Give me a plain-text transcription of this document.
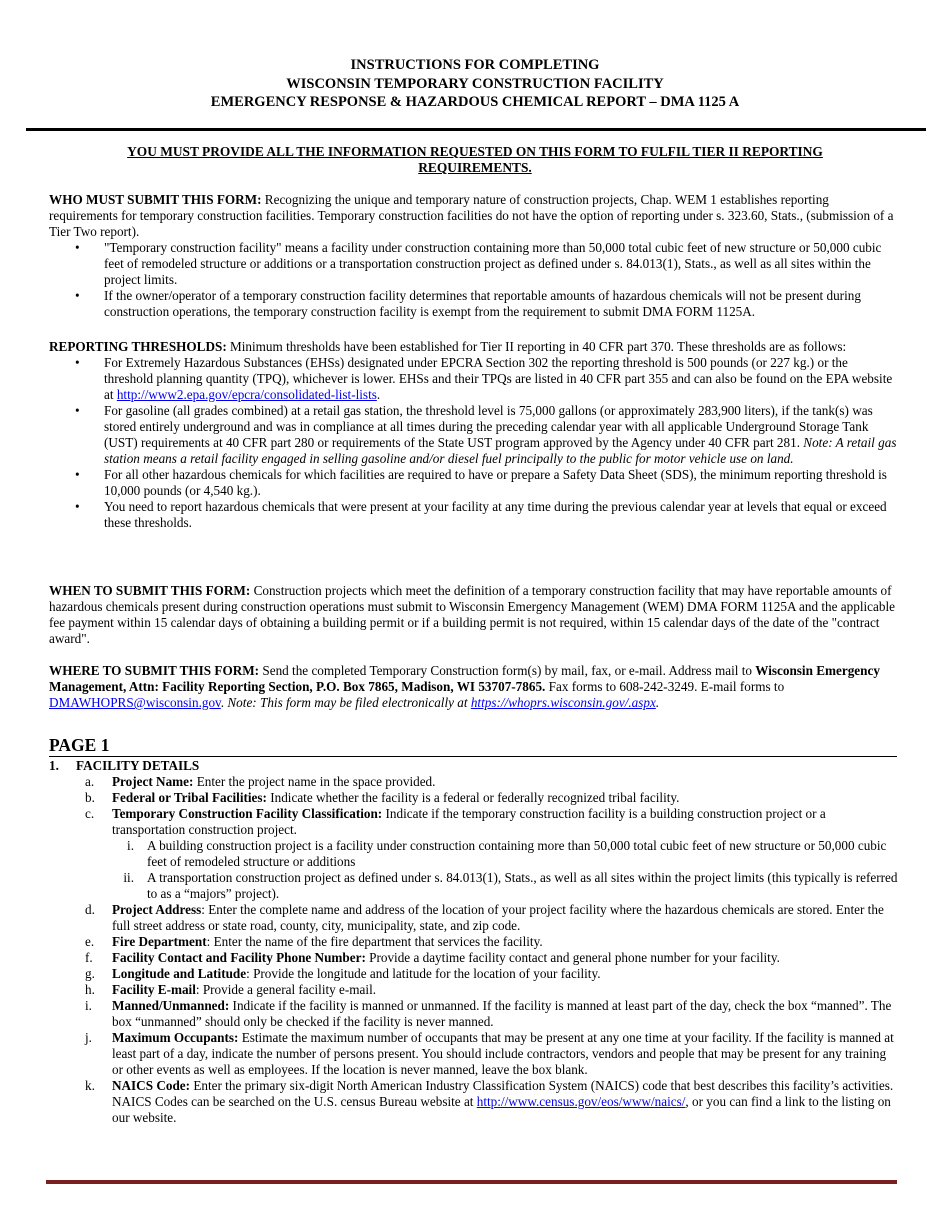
INSTRUCTIONS FOR COMPLETING
WISCONSIN TEMPORARY CONSTRUCTION FACILITY
EMERGENCY RESPONSE & HAZARDOUS CHEMICAL REPORT – DMA 1125 A
YOU MUST PROVIDE ALL THE INFORMATION REQUESTED ON THIS FORM TO FULFIL TIER II REPORTING REQUIREMENTS.

WHO MUST SUBMIT THIS FORM: Recognizing the unique and temporary nature of construction projects, Chap. WEM 1 establishes reporting requirements for temporary construction facilities. Temporary construction facilities do not have the option of reporting under s. 323.60, Stats., (submission of a Tier Two report).

• "Temporary construction facility" means a facility under construction containing more than 50,000 total cubic feet of new structure or 50,000 cubic feet of remodeled structure or additions or a transportation construction project as defined under s. 84.013(1), Stats., as well as all sites within the project limits.
• If the owner/operator of a temporary construction facility determines that reportable amounts of hazardous chemicals will not be present during construction operations, the temporary construction facility is exempt from the requirement to submit DMA FORM 1125A.

REPORTING THRESHOLDS: Minimum thresholds have been established for Tier II reporting in 40 CFR part 370. These thresholds are as follows:

• For Extremely Hazardous Substances (EHSs) designated under EPCRA Section 302 the reporting threshold is 500 pounds (or 227 kg.) or the threshold planning quantity (TPQ), whichever is lower. EHSs and their TPQs are listed in 40 CFR part 355 and can also be found on the EPA website at http://www2.epa.gov/epcra/consolidated-list-lists.
• For gasoline (all grades combined) at a retail gas station, the threshold level is 75,000 gallons (or approximately 283,900 liters), if the tank(s) was stored entirely underground and was in compliance at all times during the preceding calendar year with all applicable Underground Storage Tank (UST) requirements at 40 CFR part 280 or requirements of the State UST program approved by the Agency under 40 CFR part 281. Note: A retail gas station means a retail facility engaged in selling gasoline and/or diesel fuel principally to the public for motor vehicle use on land.
• For all other hazardous chemicals for which facilities are required to have or prepare a Safety Data Sheet (SDS), the minimum reporting threshold is 10,000 pounds (or 4,540 kg.).
• You need to report hazardous chemicals that were present at your facility at any time during the previous calendar year at levels that equal or exceed these thresholds.

WHEN TO SUBMIT THIS FORM: Construction projects which meet the definition of a temporary construction facility that may have reportable amounts of hazardous chemicals present during construction operations must submit to Wisconsin Emergency Management (WEM) DMA FORM 1125A and the applicable fee payment within 15 calendar days of obtaining a building permit or if a building permit is not required, within 15 calendar days of the date of the "contract award".

WHERE TO SUBMIT THIS FORM: Send the completed Temporary Construction form(s) by mail, fax, or e-mail. Address mail to Wisconsin Emergency Management, Attn: Facility Reporting Section, P.O. Box 7865, Madison, WI 53707-7865. Fax forms to 608-242-3249. E-mail forms to DMAWHOPRS@wisconsin.gov. Note: This form may be filed electronically at https://whoprs.wisconsin.gov/.aspx.

PAGE 1
1. FACILITY DETAILS
a. Project Name: Enter the project name in the space provided.
b. Federal or Tribal Facilities: Indicate whether the facility is a federal or federally recognized tribal facility.
c. Temporary Construction Facility Classification: Indicate if the temporary construction facility is a building construction project or a transportation construction project.
i. A building construction project is a facility under construction containing more than 50,000 total cubic feet of new structure or 50,000 cubic feet of remodeled structure or additions
ii. A transportation construction project as defined under s. 84.013(1), Stats., as well as all sites within the project limits (this typically is referred to as a “majors” project).
d. Project Address: Enter the complete name and address of the location of your project facility where the hazardous chemicals are stored. Enter the full street address or state road, county, city, municipality, state, and zip code.
e. Fire Department: Enter the name of the fire department that services the facility.
f. Facility Contact and Facility Phone Number: Provide a daytime facility contact and general phone number for your facility.
g. Longitude and Latitude: Provide the longitude and latitude for the location of your facility.
h. Facility E-mail: Provide a general facility e-mail.
i. Manned/Unmanned: Indicate if the facility is manned or unmanned. If the facility is manned at least part of the day, check the box “manned”. The box “unmanned” should only be checked if the facility is never manned.
j. Maximum Occupants: Estimate the maximum number of occupants that may be present at any one time at your facility. If the facility is manned at least part of a day, indicate the number of persons present. You should include contractors, vendors and people that may be present for any training or other events as well as employees. If the location is never manned, leave the box blank.
k. NAICS Code: Enter the primary six-digit North American Industry Classification System (NAICS) code that best describes this facility’s activities. NAICS Codes can be searched on the U.S. census Bureau website at http://www.census.gov/eos/www/naics/, or you can find a link to the listing on our website.
